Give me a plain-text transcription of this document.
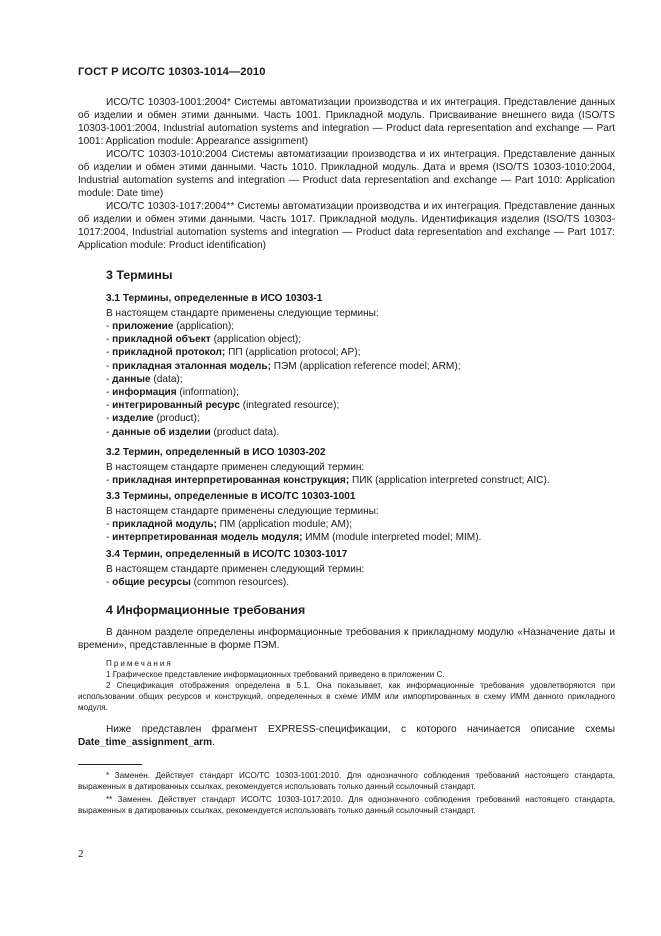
ГОСТ Р ИСО/ТС 10303-1014—2010

ИСО/ТС 10303-1001:2004* Системы автоматизации производства и их интеграция. Представление данных об изделии и обмен этими данными. Часть 1001. Прикладной модуль. Присваивание внешнего вида (ISO/TS 10303-1001:2004, Industrial automation systems and integration — Product data representation and exchange — Part 1001: Application module: Appearance assignment)

ИСО/ТС 10303-1010:2004 Системы автоматизации производства и их интеграция. Представление данных об изделии и обмен этими данными. Часть 1010. Прикладной модуль. Дата и время (ISO/TS 10303-1010:2004, Industrial automation systems and integration — Product data representation and exchange — Part 1010: Application module: Date time)

ИСО/ТС 10303-1017:2004** Системы автоматизации производства и их интеграция. Представление данных об изделии и обмен этими данными. Часть 1017. Прикладной модуль. Идентификация изделия (ISO/TS 10303-1017:2004, Industrial automation systems and integration — Product data representation and exchange — Part 1017: Application module: Product identification)

3 Термины
3.1 Термины, определенные в ИСО 10303-1

В настоящем стандарте применены следующие термины:

- приложение (application);
- прикладной объект (application object);
- прикладной протокол; ПП (application protocol; AP);
- прикладная эталонная модель; ПЭМ (application reference model; ARM);
- данные (data);
- информация (information);
- интегрированный ресурс (integrated resource);
- изделие (product);
- данные об изделии (product data).
3.2 Термин, определенный в ИСО 10303-202

В настоящем стандарте применен следующий термин:

- прикладная интерпретированная конструкция; ПИК (application interpreted construct; AIC).
3.3 Термины, определенные в ИСО/ТС 10303-1001

В настоящем стандарте применены следующие термины:

- прикладной модуль; ПМ (application module; AM);
- интерпретированная модель модуля; ИММ (module interpreted model; MIM).
3.4 Термин, определенный в ИСО/ТС 10303-1017

В настоящем стандарте применен следующий термин:

- общие ресурсы (common resources).
4 Информационные требования

В данном разделе определены информационные требования к прикладному модулю «Назначение даты и времени», представленные в форме ПЭМ.

Примечания

1 Графическое представление информационных требований приведено в приложении С.

2 Спецификация отображения определена в 5.1. Она показывает, как информационные требования удовлетворяются при использовании общих ресурсов и конструкций, определенных в схеме ИММ или импортированных в схему ИММ данного прикладного модуля.

Ниже представлен фрагмент EXPRESS-спецификации, с которого начинается описание схемы Date_time_assignment_arm.

* Заменен. Действует стандарт ИСО/ТС 10303-1001:2010. Для однозначного соблюдения требований настоящего стандарта, выраженных в датированных ссылках, рекомендуется использовать только данный ссылочный стандарт.

** Заменен. Действует стандарт ИСО/ТС 10303-1017:2010. Для однозначного соблюдения требований настоящего стандарта, выраженных в датированных ссылках, рекомендуется использовать только данный ссылочный стандарт.

2
